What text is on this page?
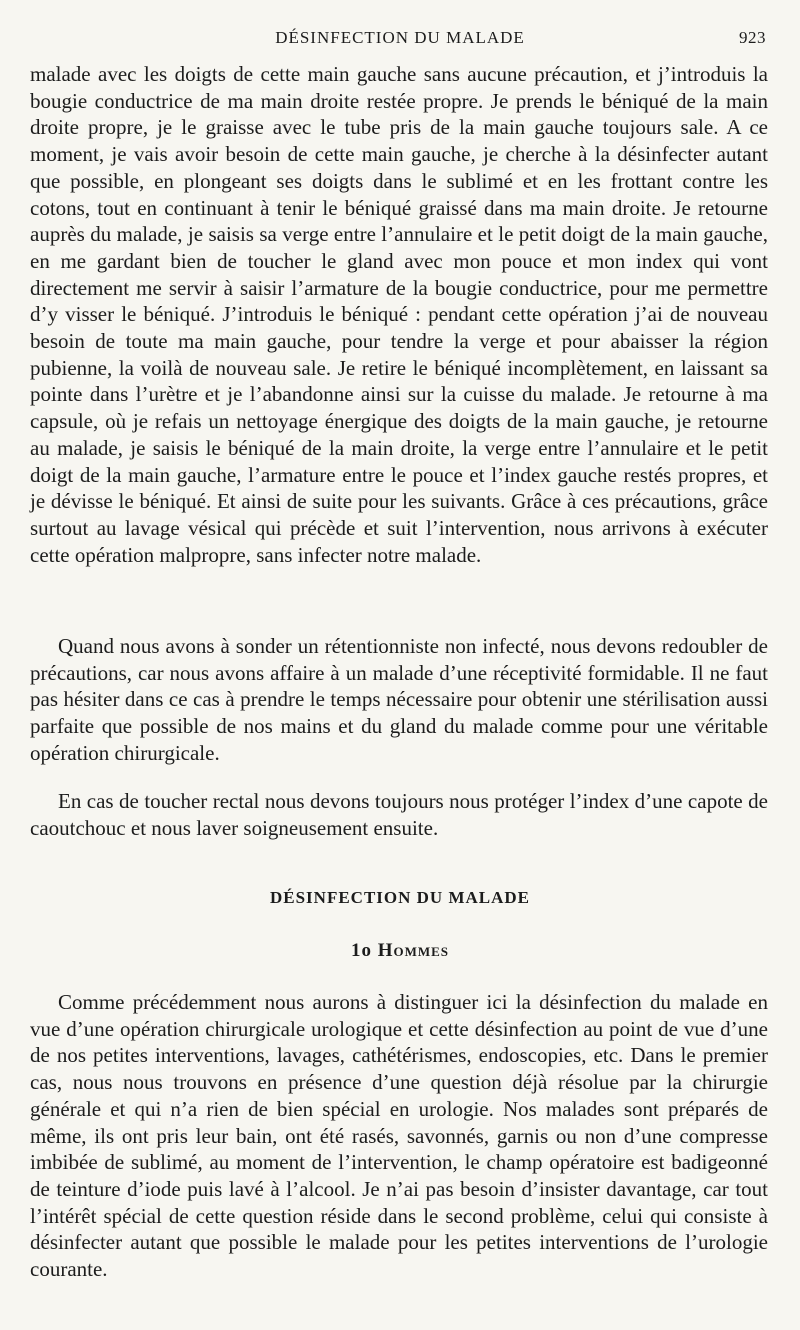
DÉSINFECTION DU MALADE	923

malade avec les doigts de cette main gauche sans aucune précaution, et j’introduis la bougie conductrice de ma main droite restée propre. Je prends le béniqué de la main droite propre, je le graisse avec le tube pris de la main gauche toujours sale. A ce moment, je vais avoir besoin de cette main gauche, je cherche à la désinfecter autant que possible, en plongeant ses doigts dans le sublimé et en les frottant contre les cotons, tout en continuant à tenir le béniqué graissé dans ma main droite. Je retourne auprès du malade, je saisis sa verge entre l’annulaire et le petit doigt de la main gauche, en me gardant bien de toucher le gland avec mon pouce et mon index qui vont directement me servir à saisir l’armature de la bougie conductrice, pour me permettre d’y visser le béniqué. J’introduis le béniqué : pendant cette opération j’ai de nouveau besoin de toute ma main gauche, pour tendre la verge et pour abaisser la région pubienne, la voilà de nouveau sale. Je retire le béniqué incomplètement, en laissant sa pointe dans l’urètre et je l’abandonne ainsi sur la cuisse du malade. Je retourne à ma capsule, où je refais un nettoyage énergique des doigts de la main gauche, je retourne au malade, je saisis le béniqué de la main droite, la verge entre l’annulaire et le petit doigt de la main gauche, l’armature entre le pouce et l’index gauche restés propres, et je dévisse le béniqué. Et ainsi de suite pour les suivants. Grâce à ces précautions, grâce surtout au lavage vésical qui précède et suit l’intervention, nous arrivons à exécuter cette opération malpropre, sans infecter notre malade.

Quand nous avons à sonder un rétentionniste non infecté, nous devons redoubler de précautions, car nous avons affaire à un malade d’une réceptivité formidable. Il ne faut pas hésiter dans ce cas à prendre le temps nécessaire pour obtenir une stérilisation aussi parfaite que possible de nos mains et du gland du malade comme pour une véritable opération chirurgicale.

En cas de toucher rectal nous devons toujours nous protéger l’index d’une capote de caoutchouc et nous laver soigneusement ensuite.

DÉSINFECTION DU MALADE
1o Hommes

Comme précédemment nous aurons à distinguer ici la désinfection du malade en vue d’une opération chirurgicale urologique et cette désinfection au point de vue d’une de nos petites interventions, lavages, cathétérismes, endoscopies, etc. Dans le premier cas, nous nous trouvons en présence d’une question déjà résolue par la chirurgie générale et qui n’a rien de bien spécial en urologie. Nos malades sont préparés de même, ils ont pris leur bain, ont été rasés, savonnés, garnis ou non d’une compresse imbibée de sublimé, au moment de l’intervention, le champ opératoire est badigeonné de teinture d’iode puis lavé à l’alcool. Je n’ai pas besoin d’insister davantage, car tout l’intérêt spécial de cette question réside dans le second problème, celui qui consiste à désinfecter autant que possible le malade pour les petites interventions de l’urologie courante.
